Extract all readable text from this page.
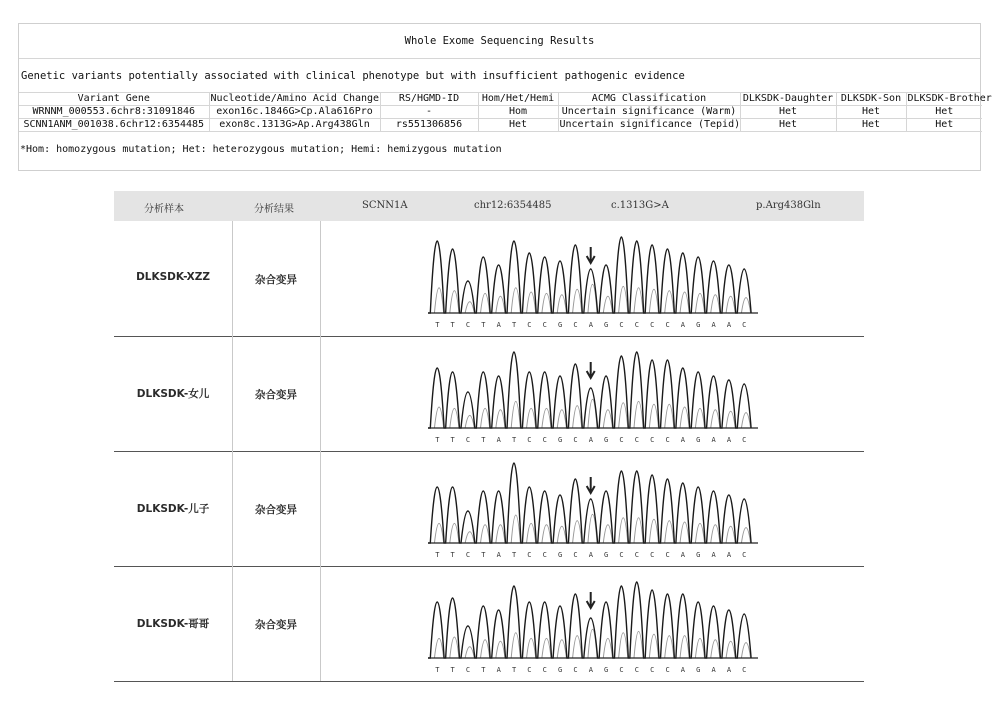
Whole Exome Sequencing Results
Genetic variants potentially associated with clinical phenotype but with insufficient pathogenic evidence
Variant Gene	Nucleotide/Amino Acid Change	RS/HGMD-ID	Hom/Het/Hemi	ACMG Classification	DLKSDK-Daughter	DLKSDK-Son	DLKSDK-Brother
WRNNM_000553.6chr8:31091846	exon16c.1846G>Cp.Ala616Pro	-	Hom	Uncertain significance (Warm)	Het	Het	Het
SCNN1ANM_001038.6chr12:6354485	exon8c.1313G>Ap.Arg438Gln	rs551306856	Het	Uncertain significance (Tepid)	Het	Het	Het
*Hom: homozygous mutation; Het: heterozygous mutation; Hemi: hemizygous mutation
分析样本	分析结果	SCNN1A	chr12:6354485	c.1313G>A	p.Arg438Gln
DLKSDK-XZZ	杂合变异
T T C T A T C C G C A G C C C C A G A A C
DLKSDK-女儿	杂合变异
T T C T A T C C G C A G C C C C A G A A C
DLKSDK-儿子	杂合变异
T T C T A T C C G C A G C C C C A G A A C
DLKSDK-哥哥	杂合变异
T T C T A T C C G C A G C C C C A G A A C
